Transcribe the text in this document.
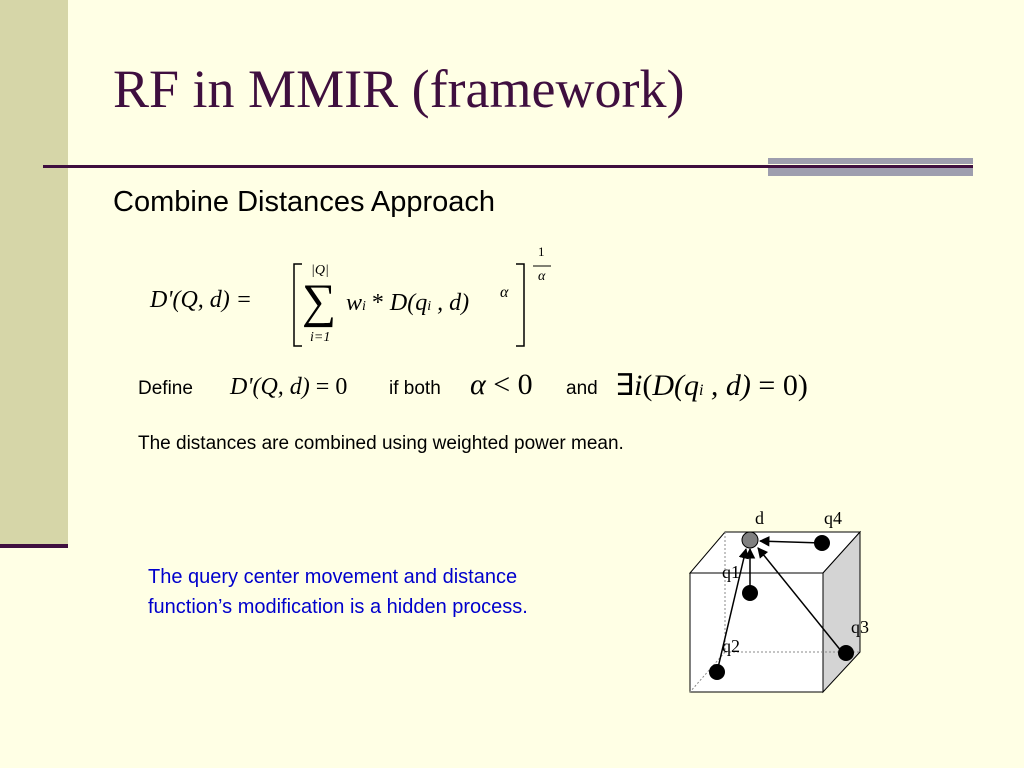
RF in MMIR (framework)
Combine Distances Approach
D'(Q, d) =
|Q|
∑
i=1
wi * D(qi , d) α
1
α
Define D'(Q, d) = 0 if both α < 0 and ∃i(D(qi , d) = 0)
The distances are combined using weighted power mean.
The query center movement and distance
function’s modification is a hidden process.
d	q4
q1
q2
q3
